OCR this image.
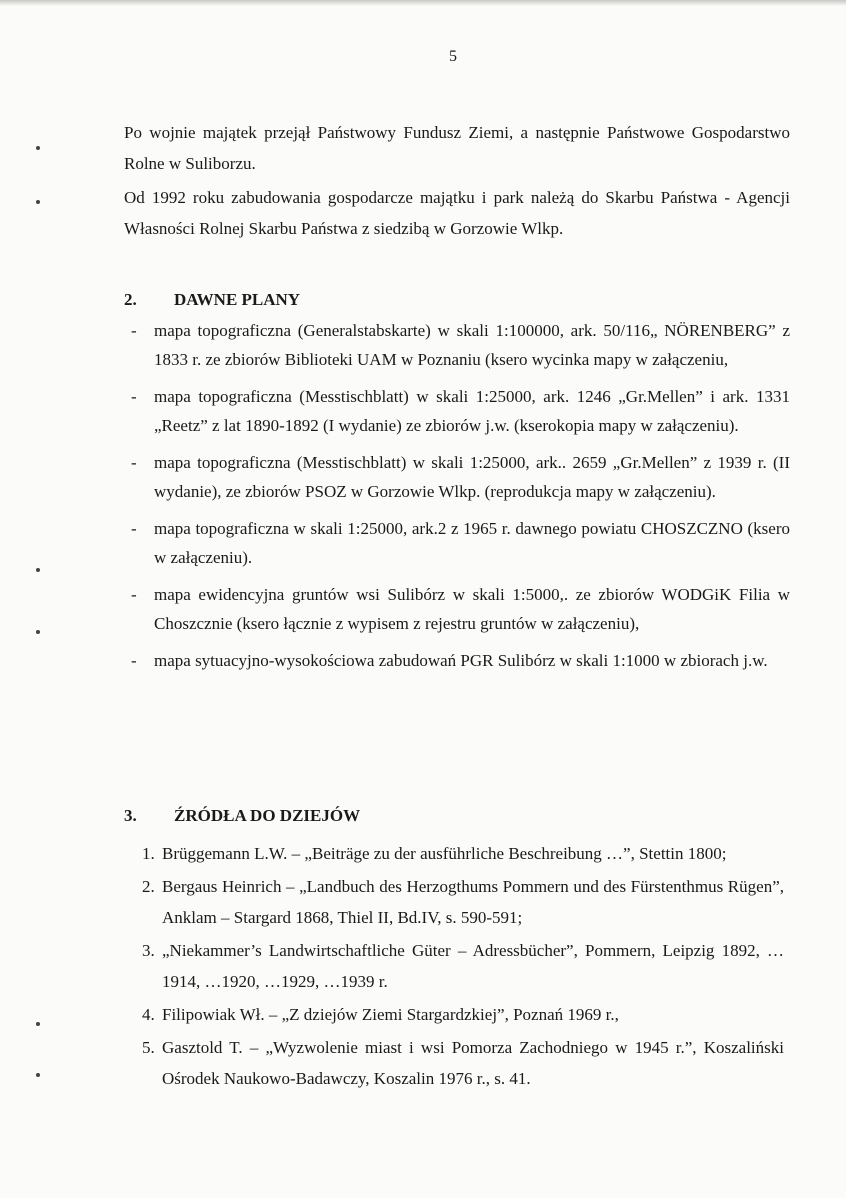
5

Po wojnie majątek przejął Państwowy Fundusz Ziemi, a następnie Państwowe Gospodarstwo Rolne w Suliborzu.

Od 1992 roku zabudowania gospodarcze majątku i park należą do Skarbu Państwa - Agencji Własności Rolnej Skarbu Państwa z siedzibą w Gorzowie Wlkp.

2. DAWNE PLANY
- mapa topograficzna (Generalstabskarte) w skali 1:100000, ark. 50/116„ NÖRENBERG” z 1833 r. ze zbiorów Biblioteki UAM w Poznaniu (ksero wycinka mapy w załączeniu,
- mapa topograficzna (Messtischblatt) w skali 1:25000, ark. 1246 „Gr.Mellen” i ark. 1331 „Reetz” z lat 1890-1892 (I wydanie) ze zbiorów j.w. (kserokopia mapy w załączeniu).
- mapa topograficzna (Messtischblatt) w skali 1:25000, ark.. 2659 „Gr.Mellen” z 1939 r. (II wydanie), ze zbiorów PSOZ w Gorzowie Wlkp. (reprodukcja mapy w załączeniu).
- mapa topograficzna w skali 1:25000, ark.2 z 1965 r. dawnego powiatu CHOSZCZNO (ksero w załączeniu).
- mapa ewidencyjna gruntów wsi Sulibórz w skali 1:5000,. ze zbiorów WODGiK Filia w Choszcznie (ksero łącznie z wypisem z rejestru gruntów w załączeniu),
- mapa sytuacyjno-wysokościowa zabudowań PGR Sulibórz w skali 1:1000 w zbiorach j.w.
3. ŹRÓDŁA DO DZIEJÓW
1. Brüggemann L.W. – „Beiträge zu der ausführliche Beschreibung …”, Stettin 1800;
2. Bergaus Heinrich – „Landbuch des Herzogthums Pommern und des Fürstenthmus Rügen”, Anklam – Stargard 1868, Thiel II, Bd.IV, s. 590-591;
3. „Niekammer’s Landwirtschaftliche Güter – Adressbücher”, Pommern, Leipzig 1892, …1914, …1920, …1929, …1939 r.
4. Filipowiak Wł. – „Z dziejów Ziemi Stargardzkiej”, Poznań 1969 r.,
5. Gasztold T. – „Wyzwolenie miast i wsi Pomorza Zachodniego w 1945 r.”, Koszaliński Ośrodek Naukowo-Badawczy, Koszalin 1976 r., s. 41.
